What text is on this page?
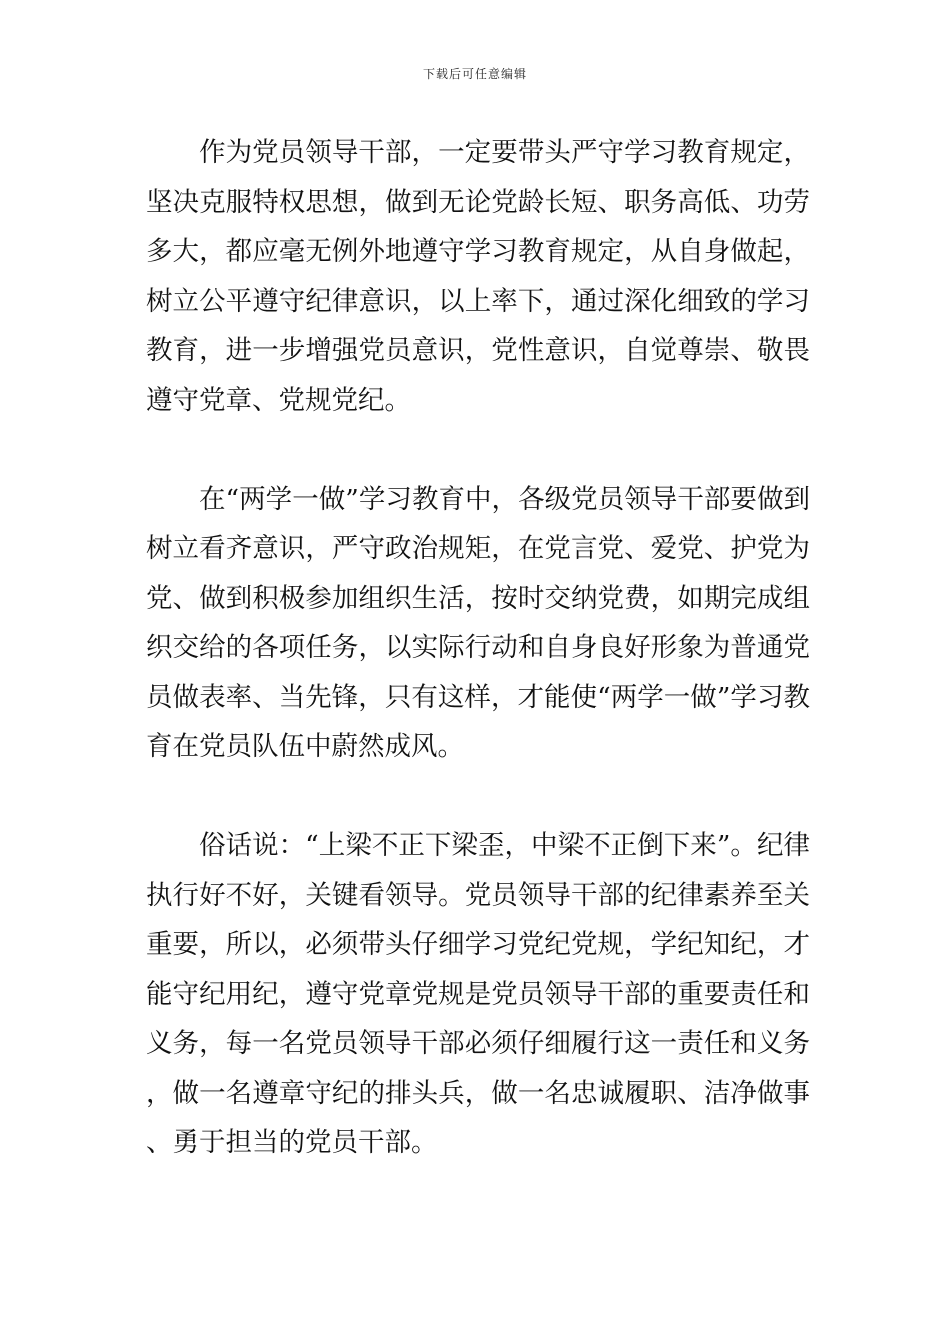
下载后可任意编辑

作为党员领导干部，一定要带头严守学习教育规定，坚决克服特权思想，做到无论党龄长短、职务高低、功劳多大，都应毫无例外地遵守学习教育规定，从自身做起，树立公平遵守纪律意识，以上率下，通过深化细致的学习教育，进一步增强党员意识，党性意识，自觉尊崇、敬畏遵守党章、党规党纪。

在“两学一做”学习教育中，各级党员领导干部要做到树立看齐意识，严守政治规矩，在党言党、爱党、护党为党、做到积极参加组织生活，按时交纳党费，如期完成组织交给的各项任务，以实际行动和自身良好形象为普通党员做表率、当先锋，只有这样，才能使“两学一做”学习教育在党员队伍中蔚然成风。

俗话说：“上梁不正下梁歪，中梁不正倒下来”。纪律执行好不好，关键看领导。党员领导干部的纪律素养至关重要，所以，必须带头仔细学习党纪党规，学纪知纪，才能守纪用纪，遵守党章党规是党员领导干部的重要责任和义务，每一名党员领导干部必须仔细履行这一责任和义务，做一名遵章守纪的排头兵，做一名忠诚履职、洁净做事、勇于担当的党员干部。
